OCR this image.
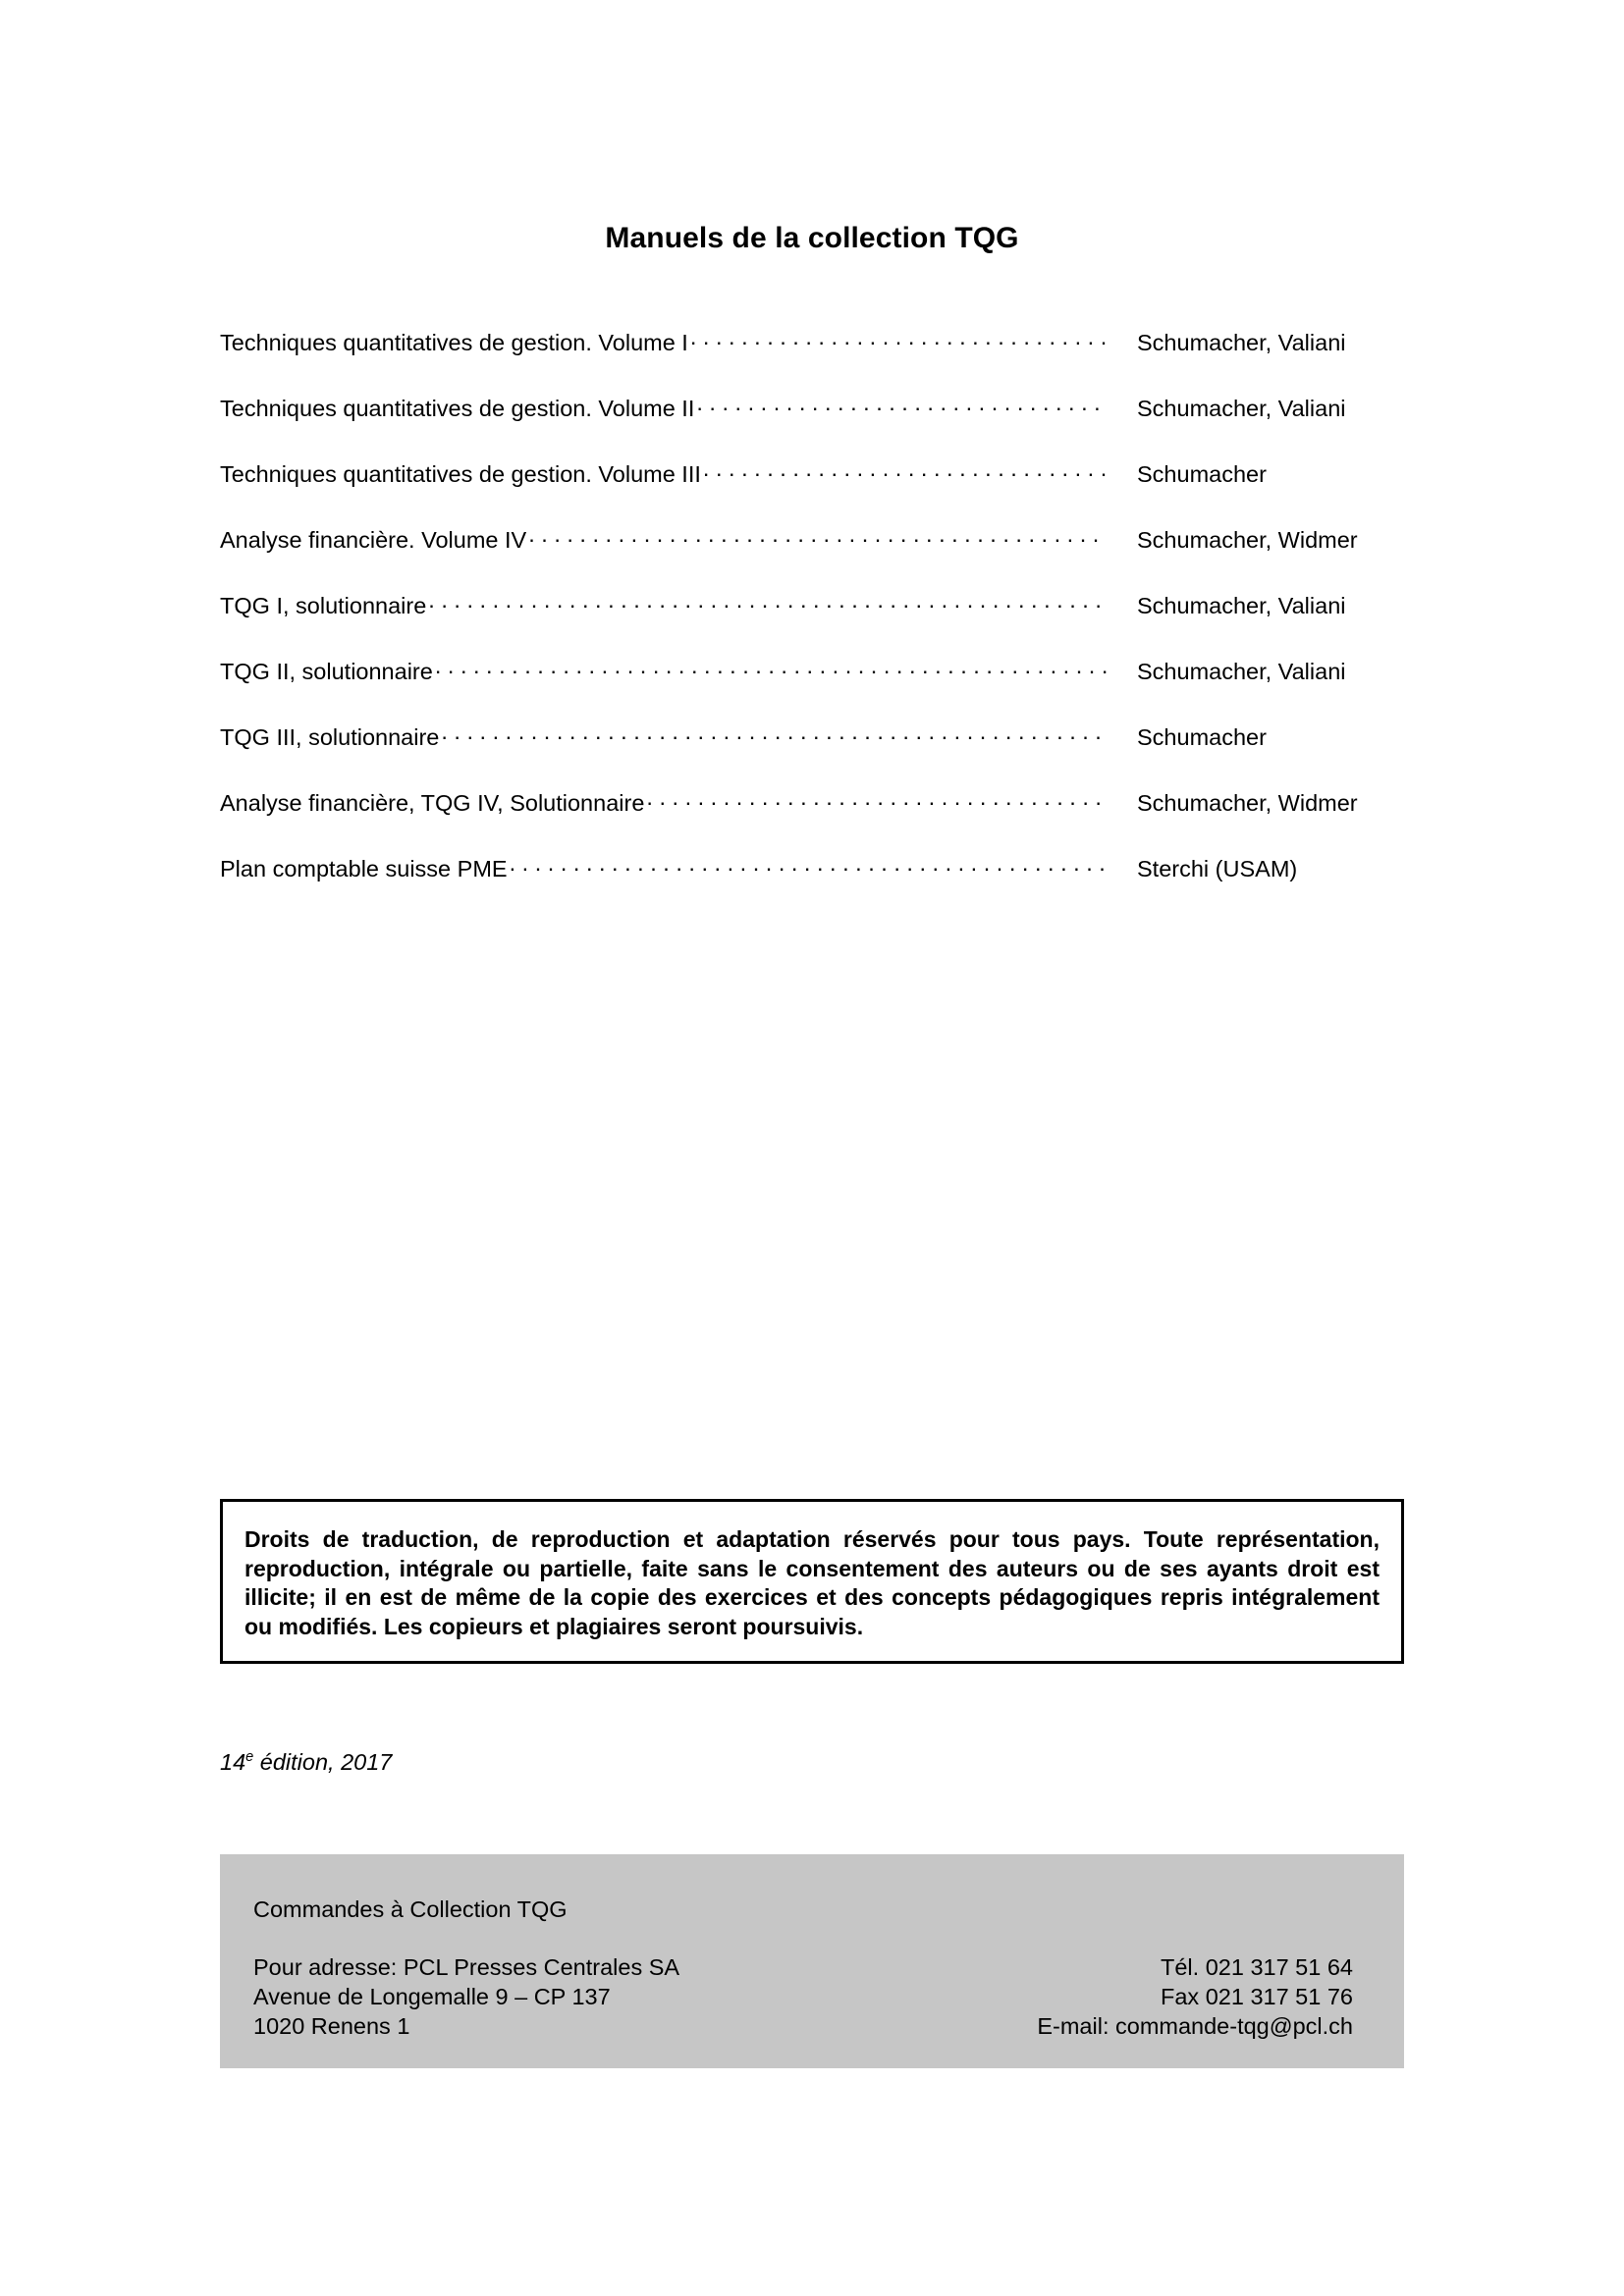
Manuels de la collection TQG
Techniques quantitatives de gestion. Volume I . . .	Schumacher, Valiani
Techniques quantitatives de gestion. Volume II . . .	Schumacher, Valiani
Techniques quantitatives de gestion. Volume III . . .	Schumacher
Analyse financière. Volume IV . . .	Schumacher, Widmer
TQG I, solutionnaire . . .	Schumacher, Valiani
TQG II, solutionnaire . . .	Schumacher, Valiani
TQG III, solutionnaire . . .	Schumacher
Analyse financière, TQG IV, Solutionnaire . . .	Schumacher, Widmer
Plan comptable suisse PME . . .	Sterchi (USAM)

Droits de traduction, de reproduction et adaptation réservés pour tous pays. Toute représentation, reproduction, intégrale ou partielle, faite sans le consentement des auteurs ou de ses ayants droit est illicite; il en est de même de la copie des exercices et des concepts pédagogiques repris intégralement ou modifiés. Les copieurs et plagiaires seront poursuivis.

14e édition, 2017
Commandes à Collection TQG
Pour adresse: PCL Presses Centrales SA
Avenue de Longemalle 9 – CP 137
1020 Renens 1
Tél. 021 317 51 64
Fax 021 317 51 76
E-mail: commande-tqg@pcl.ch
